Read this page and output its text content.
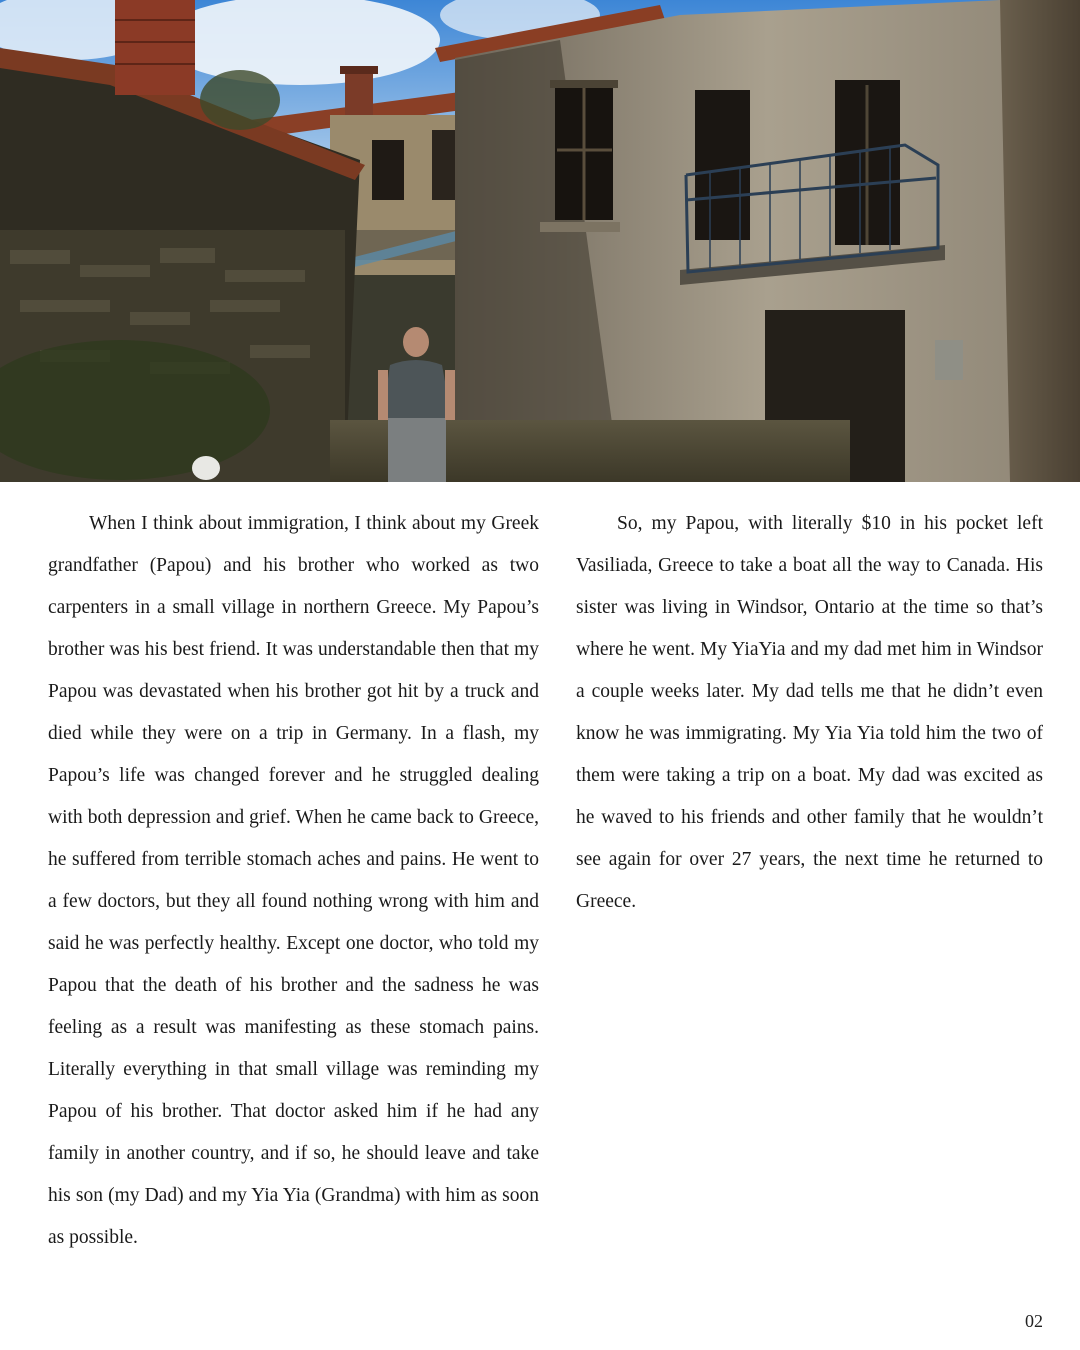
When I think about immigration, I think about my Greek grandfather (Papou) and his brother who worked as two carpenters in a small village in northern Greece. My Papou’s brother was his best friend. It was understandable then that my Papou was devastated when his brother got hit by a truck and died while they were on a trip in Germany. In a flash, my Papou’s life was changed forever and he struggled dealing with both depression and grief. When he came back to Greece, he suffered from terrible stomach aches and pains. He went to a few doctors, but they all found nothing wrong with him and said he was perfectly healthy. Except one doctor, who told my Papou that the death of his brother and the sadness he was feeling as a result was manifesting as these stomach pains. Literally everything in that small village was reminding my Papou of his brother. That doctor asked him if he had any family in another country, and if so, he should leave and take his son (my Dad) and my Yia Yia (Grandma) with him as soon as possible.

So, my Papou, with literally $10 in his pocket left Vasiliada, Greece to take a boat all the way to Canada. His sister was living in Windsor, Ontario at the time so that’s where he went. My YiaYia and my dad met him in Windsor a couple weeks later. My dad tells me that he didn’t even know he was immigrating. My Yia Yia told him the two of them were taking a trip on a boat. My dad was excited as he waved to his friends and other family that he wouldn’t see again for over 27 years, the next time he returned to Greece.

02
